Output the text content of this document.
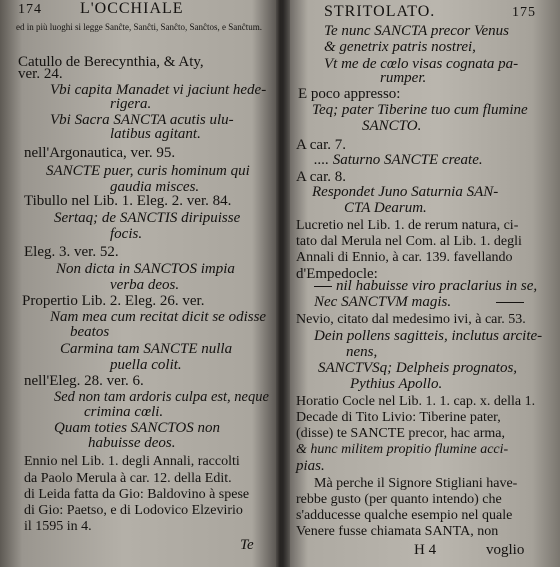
174 L'OCCHIALE
ed in più luoghi si legge Sanĉte, Sanĉti, Sanĉto, Sanĉtos, e Sanĉtum.
Catullo de Berecynthia, & Aty,
ver. 24.
Vbi capita Manadet vi jaciunt hede-
rigera.
Vbi Sacra SANCTA acutis ulu-
latibus agitant.
nell'Argonautica, ver. 95.
SANCTE puer, curis hominum qui
gaudia misces.
Tibullo nel Lib. 1. Eleg. 2. ver. 84.
Sertaq; de SANCTIS diripuisse
focis.
Eleg. 3. ver. 52.
Non dicta in SANCTOS impia
verba deos.
Propertio Lib. 2. Eleg. 26. ver.
Nam mea cum recitat dicit se odisse
beatos
Carmina tam SANCTE nulla
puella colit.
nell'Eleg. 28. ver. 6.
Sed non tam ardoris culpa est, neque
crimina cœli.
Quam toties SANCTOS non
habuisse deos.
Ennio nel Lib. 1. degli Annali, raccolti
da Paolo Merula à car. 12. della Edit.
di Leida fatta da Gio: Baldovino à spese
di Gio: Paetso, e di Lodovico Elzevirio
il 1595 in 4.
Te
STRITOLATO.	175
Te nunc SANCTA precor Venus
& genetrix patris nostrei,
Vt me de cœlo visas cognata pa-
rumper.
E poco appresso:
Teq; pater Tiberine tuo cum flumine
SANCTO.
A car. 7.
.... Saturno SANCTE create.
A car. 8.
Respondet Juno Saturnia SAN-
CTA Dearum.
Lucretio nel Lib. 1. de rerum natura, ci-
tato dal Merula nel Com. al Lib. 1. degli
Annali di Ennio, à car. 139. favellando
d'Empedocle:
nil habuisse viro praclarius in se,
Nec SANCTVM magis.
Nevio, citato dal medesimo ivi, à car. 53.
Dein pollens sagitteis, inclutus arcite-
nens,
SANCTVSq; Delpheis prognatos,
Pythius Apollo.
Horatio Cocle nel Lib. 1. 1. cap. x. della 1.
Decade di Tito Livio: Tiberine pater,
(disse) te SANCTE precor, hac arma,
& hunc militem propitio flumine acci-
pias.
Mà perche il Signore Stigliani have-
rebbe gusto (per quanto intendo) che
s'adducesse qualche esempio nel quale
Venere fusse chiamata SANTA, non
H 4	voglio
